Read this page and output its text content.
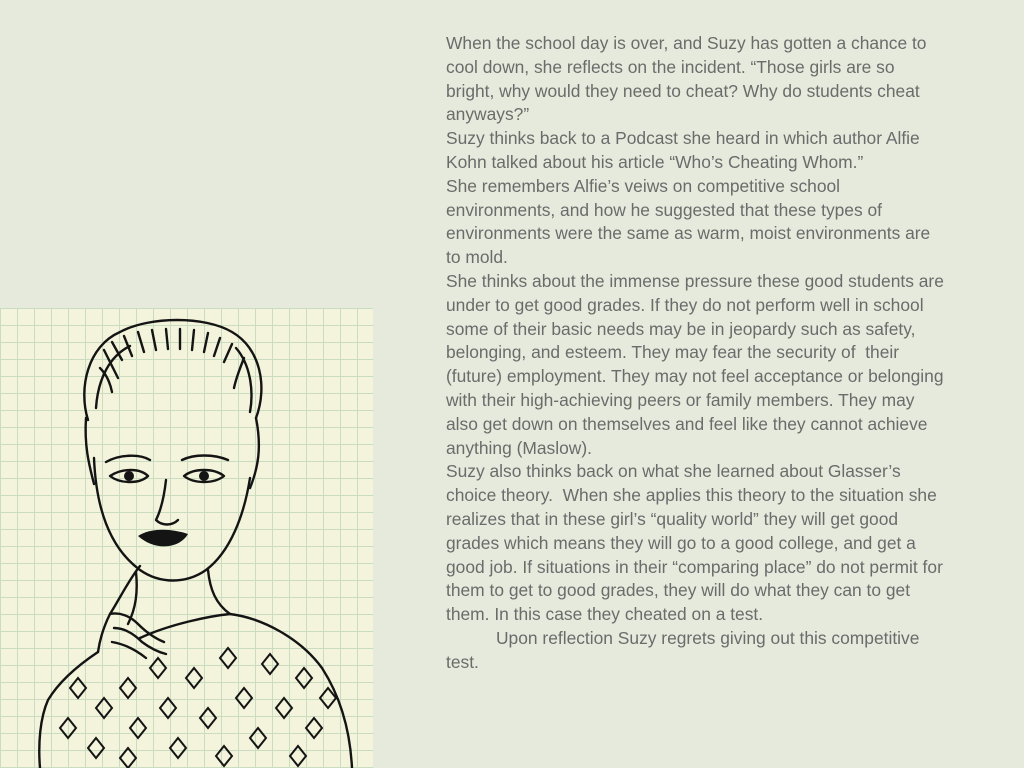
When the school day is over, and Suzy has gotten a chance to cool down, she reflects on the incident. “Those girls are so bright, why would they need to cheat? Why do students cheat anyways?”

Suzy thinks back to a Podcast she heard in which author Alfie Kohn talked about his article “Who’s Cheating Whom.”

She remembers Alfie’s veiws on competitive school environments, and how he suggested that these types of environments were the same as warm, moist environments are to mold.

She thinks about the immense pressure these good students are under to get good grades. If they do not perform well in school some of their basic needs may be in jeopardy such as safety, belonging, and esteem. They may fear the security of  their (future) employment. They may not feel acceptance or belonging with their high-achieving peers or family members. They may also get down on themselves and feel like they cannot achieve anything (Maslow).

Suzy also thinks back on what she learned about Glasser’s choice theory.  When she applies this theory to the situation she realizes that in these girl’s “quality world” they will get good grades which means they will go to a good college, and get a good job. If situations in their “comparing place” do not permit for them to get to good grades, they will do what they can to get them. In this case they cheated on a test.

Upon reflection Suzy regrets giving out this competitive test.
